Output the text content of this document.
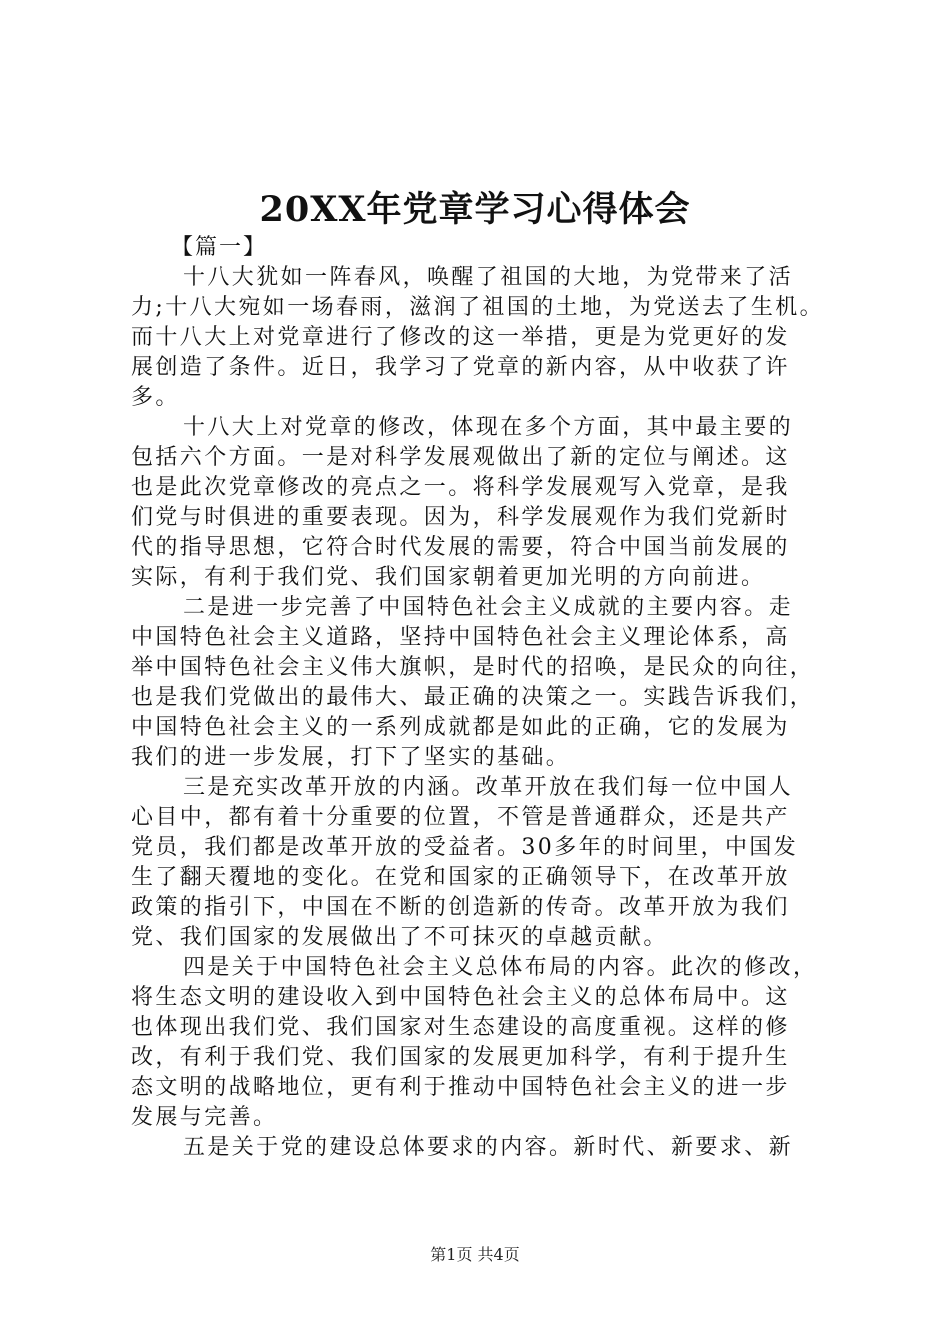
20XX年党章学习心得体会

【篇一】

十八大犹如一阵春风，唤醒了祖国的大地，为党带来了活
力;十八大宛如一场春雨，滋润了祖国的土地，为党送去了生机。
而十八大上对党章进行了修改的这一举措，更是为党更好的发
展创造了条件。近日，我学习了党章的新内容，从中收获了许
多。

十八大上对党章的修改，体现在多个方面，其中最主要的
包括六个方面。一是对科学发展观做出了新的定位与阐述。这
也是此次党章修改的亮点之一。将科学发展观写入党章，是我
们党与时俱进的重要表现。因为，科学发展观作为我们党新时
代的指导思想，它符合时代发展的需要，符合中国当前发展的
实际，有利于我们党、我们国家朝着更加光明的方向前进。

二是进一步完善了中国特色社会主义成就的主要内容。走
中国特色社会主义道路，坚持中国特色社会主义理论体系，高
举中国特色社会主义伟大旗帜，是时代的招唤，是民众的向往，
也是我们党做出的最伟大、最正确的决策之一。实践告诉我们，
中国特色社会主义的一系列成就都是如此的正确，它的发展为
我们的进一步发展，打下了坚实的基础。

三是充实改革开放的内涵。改革开放在我们每一位中国人
心目中，都有着十分重要的位置，不管是普通群众，还是共产
党员，我们都是改革开放的受益者。30多年的时间里，中国发
生了翻天覆地的变化。在党和国家的正确领导下，在改革开放
政策的指引下，中国在不断的创造新的传奇。改革开放为我们
党、我们国家的发展做出了不可抹灭的卓越贡献。

四是关于中国特色社会主义总体布局的内容。此次的修改，
将生态文明的建设收入到中国特色社会主义的总体布局中。这
也体现出我们党、我们国家对生态建设的高度重视。这样的修
改，有利于我们党、我们国家的发展更加科学，有利于提升生
态文明的战略地位，更有利于推动中国特色社会主义的进一步
发展与完善。

五是关于党的建设总体要求的内容。新时代、新要求、新

第1页 共4页
